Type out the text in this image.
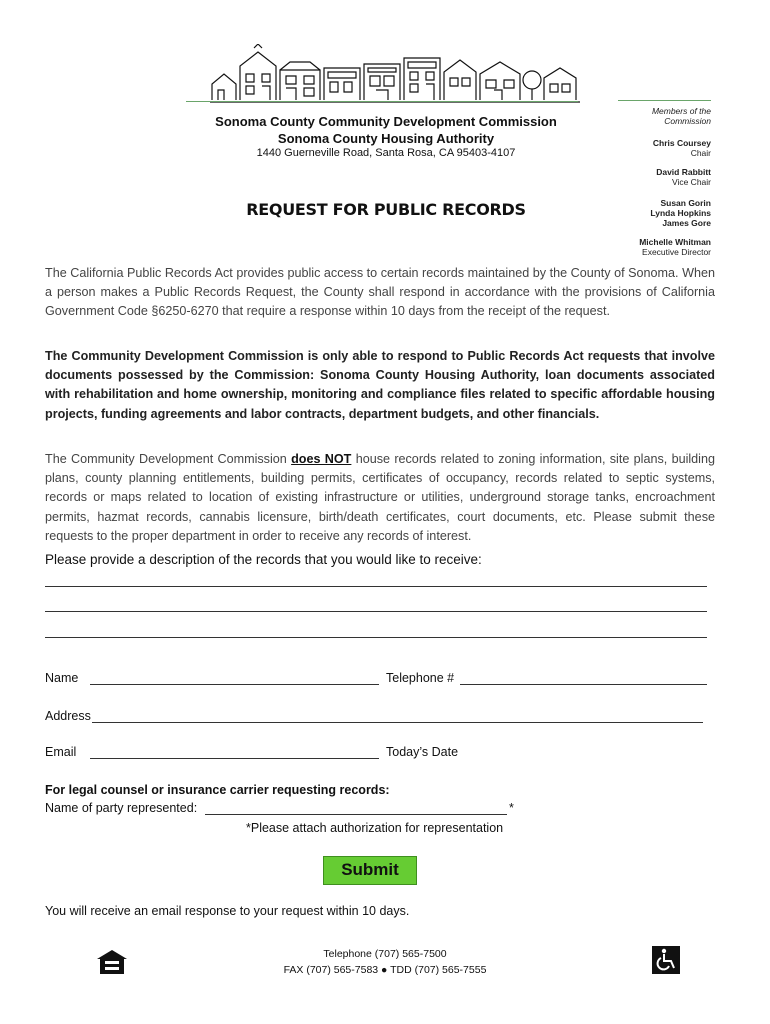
Sonoma County Community Development Commission
Sonoma County Housing Authority
1440 Guerneville Road, Santa Rosa, CA 95403-4107
Members of the
Commission
Chris Coursey
Chair
David Rabbitt
Vice Chair
Susan Gorin
Lynda Hopkins
James Gore
Michelle Whitman
Executive Director
REQUEST FOR PUBLIC RECORDS
The California Public Records Act provides public access to certain records maintained by the County of Sonoma. When a person makes a Public Records Request, the County shall respond in accordance with the provisions of California Government Code §6250-6270 that require a response within 10 days from the receipt of the request.
The Community Development Commission is only able to respond to Public Records Act requests that involve documents possessed by the Commission: Sonoma County Housing Authority, loan documents associated with rehabilitation and home ownership, monitoring and compliance files related to specific affordable housing projects, funding agreements and labor contracts, department budgets, and other financials.
The Community Development Commission does NOT house records related to zoning information, site plans, building plans, county planning entitlements, building permits, certificates of occupancy, records related to septic systems, records or maps related to location of existing infrastructure or utilities, underground storage tanks, encroachment permits, hazmat records, cannabis licensure, birth/death certificates, court documents, etc. Please submit these requests to the proper department in order to receive any records of interest.
Please provide a description of the records that you would like to receive:
Name	Telephone #
Address
Email	Today’s Date
For legal counsel or insurance carrier requesting records:
Name of party represented:	*
*Please attach authorization for representation
Submit
You will receive an email response to your request within 10 days.
Telephone (707) 565-7500
FAX (707) 565-7583 ● TDD (707) 565-7555
